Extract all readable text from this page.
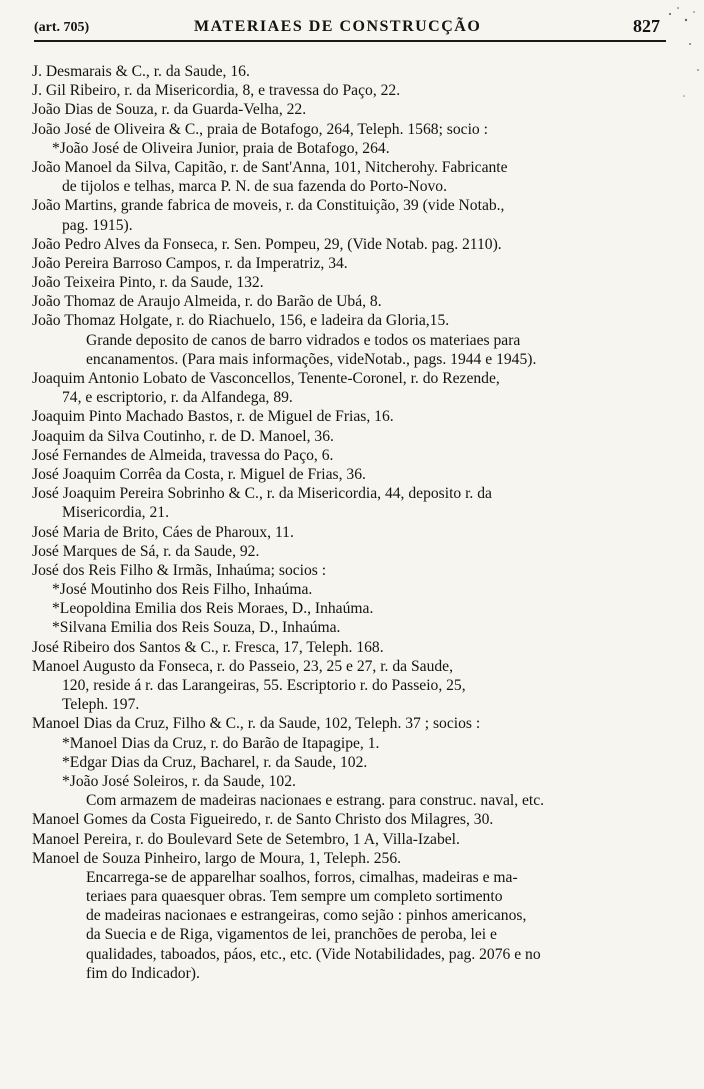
(art. 705)	MATERIAES DE CONSTRUCÇÃO	827
J. Desmarais & C., r. da Saude, 16.
J. Gil Ribeiro, r. da Misericordia, 8, e travessa do Paço, 22.
João Dias de Souza, r. da Guarda-Velha, 22.
João José de Oliveira & C., praia de Botafogo, 264, Teleph. 1568; socio :
*João José de Oliveira Junior, praia de Botafogo, 264.
João Manoel da Silva, Capitão, r. de Sant'Anna, 101, Nitcherohy. Fabricante
de tijolos e telhas, marca P. N. de sua fazenda do Porto-Novo.
João Martins, grande fabrica de moveis, r. da Constituição, 39 (vide Notab.,
pag. 1915).
João Pedro Alves da Fonseca, r. Sen. Pompeu, 29, (Vide Notab. pag. 2110).
João Pereira Barroso Campos, r. da Imperatriz, 34.
João Teixeira Pinto, r. da Saude, 132.
João Thomaz de Araujo Almeida, r. do Barão de Ubá, 8.
João Thomaz Holgate, r. do Riachuelo, 156, e ladeira da Gloria,15.
Grande deposito de canos de barro vidrados e todos os materiaes para
encanamentos. (Para mais informações, videNotab., pags. 1944 e 1945).
Joaquim Antonio Lobato de Vasconcellos, Tenente-Coronel, r. do Rezende,
74, e escriptorio, r. da Alfandega, 89.
Joaquim Pinto Machado Bastos, r. de Miguel de Frias, 16.
Joaquim da Silva Coutinho, r. de D. Manoel, 36.
José Fernandes de Almeida, travessa do Paço, 6.
José Joaquim Corrêa da Costa, r. Miguel de Frias, 36.
José Joaquim Pereira Sobrinho & C., r. da Misericordia, 44, deposito r. da
Misericordia, 21.
José Maria de Brito, Cáes de Pharoux, 11.
José Marques de Sá, r. da Saude, 92.
José dos Reis Filho & Irmãs, Inhaúma; socios :
*José Moutinho dos Reis Filho, Inhaúma.
*Leopoldina Emilia dos Reis Moraes, D., Inhaúma.
*Silvana Emilia dos Reis Souza, D., Inhaúma.
José Ribeiro dos Santos & C., r. Fresca, 17, Teleph. 168.
Manoel Augusto da Fonseca, r. do Passeio, 23, 25 e 27, r. da Saude,
120, reside á r. das Larangeiras, 55. Escriptorio r. do Passeio, 25,
Teleph. 197.
Manoel Dias da Cruz, Filho & C., r. da Saude, 102, Teleph. 37 ; socios :
*Manoel Dias da Cruz, r. do Barão de Itapagipe, 1.
*Edgar Dias da Cruz, Bacharel, r. da Saude, 102.
*João José Soleiros, r. da Saude, 102.
Com armazem de madeiras nacionaes e estrang. para construc. naval, etc.
Manoel Gomes da Costa Figueiredo, r. de Santo Christo dos Milagres, 30.
Manoel Pereira, r. do Boulevard Sete de Setembro, 1 A, Villa-Izabel.
Manoel de Souza Pinheiro, largo de Moura, 1, Teleph. 256.
Encarrega-se de apparelhar soalhos, forros, cimalhas, madeiras e ma-
teriaes para quaesquer obras. Tem sempre um completo sortimento
de madeiras nacionaes e estrangeiras, como sejão : pinhos americanos,
da Suecia e de Riga, vigamentos de lei, pranchões de peroba, lei e
qualidades, taboados, páos, etc., etc. (Vide Notabilidades, pag. 2076 e no
fim do Indicador).
